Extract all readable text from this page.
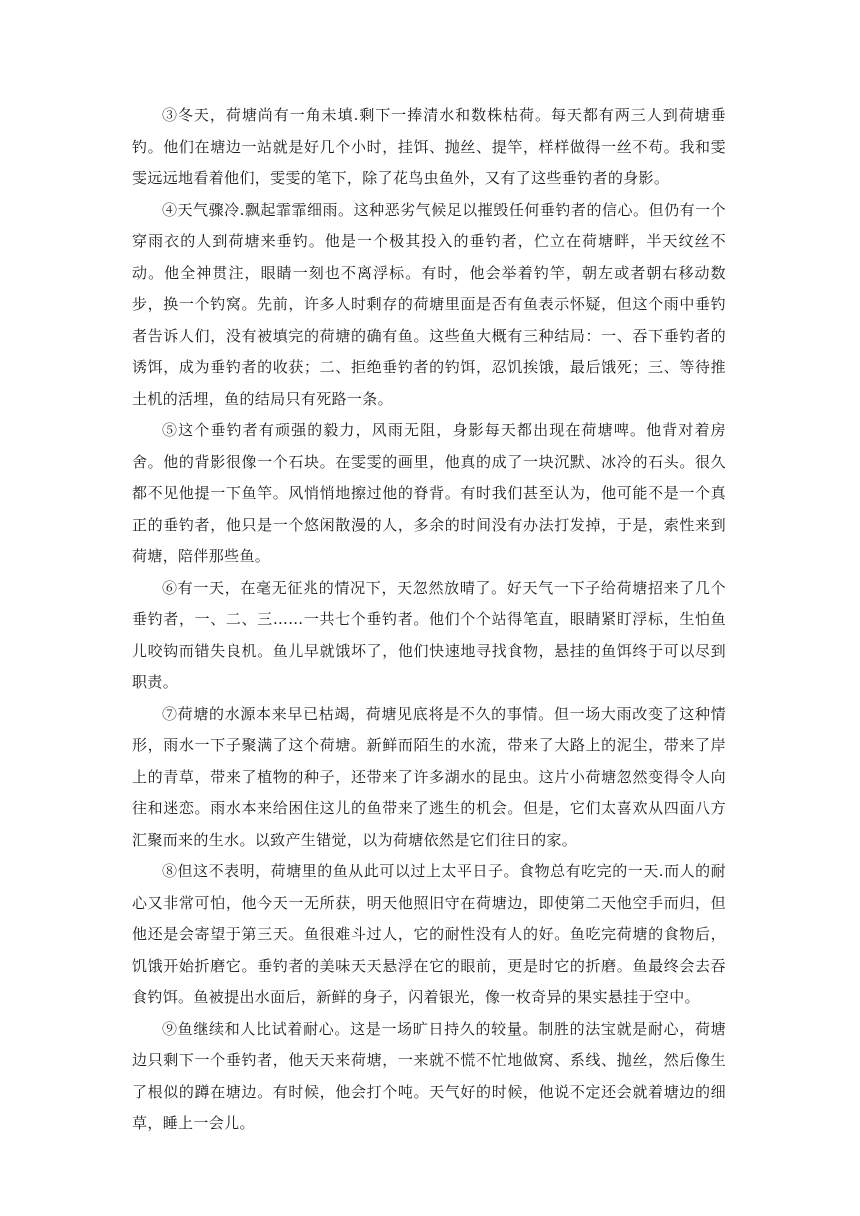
③冬天，荷塘尚有一角未填.剩下一捧清水和数株枯荷。每天都有两三人到荷塘垂钓。他们在塘边一站就是好几个小时，挂饵、抛丝、提竿，样样做得一丝不苟。我和雯雯远远地看着他们，雯雯的笔下，除了花鸟虫鱼外，又有了这些垂钓者的身影。

④天气骤冷.飘起霏霏细雨。这种恶劣气候足以摧毁任何垂钓者的信心。但仍有一个穿雨衣的人到荷塘来垂钓。他是一个极其投入的垂钓者，伫立在荷塘畔，半天纹丝不动。他全神贯注，眼睛一刻也不离浮标。有时，他会举着钓竿，朝左或者朝右移动数步，换一个钓窝。先前，许多人时剩存的荷塘里面是否有鱼表示怀疑，但这个雨中垂钓者告诉人们，没有被填完的荷塘的确有鱼。这些鱼大概有三种结局：一、吞下垂钓者的诱饵，成为垂钓者的收获；二、拒绝垂钓者的钓饵，忍饥挨饿，最后饿死；三、等待推土机的活埋，鱼的结局只有死路一条。

⑤这个垂钓者有顽强的毅力，风雨无阻，身影每天都出现在荷塘啤。他背对着房舍。他的背影很像一个石块。在雯雯的画里，他真的成了一块沉默、冰冷的石头。很久都不见他提一下鱼竿。风悄悄地擦过他的脊背。有时我们甚至认为，他可能不是一个真正的垂钓者，他只是一个悠闲散漫的人，多余的时间没有办法打发掉，于是，索性来到荷塘，陪伴那些鱼。

⑥有一天，在毫无征兆的情况下，天忽然放晴了。好天气一下子给荷塘招来了几个垂钓者，一、二、三……一共七个垂钓者。他们个个站得笔直，眼睛紧盯浮标，生怕鱼儿咬钩而错失良机。鱼儿早就饿坏了，他们快速地寻找食物，悬挂的鱼饵终于可以尽到职责。

⑦荷塘的水源本来早已枯竭，荷塘见底将是不久的事情。但一场大雨改变了这种情形，雨水一下子聚满了这个荷塘。新鲜而陌生的水流，带来了大路上的泥尘，带来了岸上的青草，带来了植物的种子，还带来了许多湖水的昆虫。这片小荷塘忽然变得令人向往和迷恋。雨水本来给困住这儿的鱼带来了逃生的机会。但是，它们太喜欢从四面八方汇聚而来的生水。以致产生错觉，以为荷塘依然是它们往日的家。

⑧但这不表明，荷塘里的鱼从此可以过上太平日子。食物总有吃完的一天.而人的耐心又非常可怕，他今天一无所获，明天他照旧守在荷塘边，即使第二天他空手而归，但他还是会寄望于第三天。鱼很难斗过人，它的耐性没有人的好。鱼吃完荷塘的食物后，饥饿开始折磨它。垂钓者的美味天天悬浮在它的眼前，更是时它的折磨。鱼最终会去吞食钓饵。鱼被提出水面后，新鲜的身子，闪着银光，像一枚奇异的果实悬挂于空中。

⑨鱼继续和人比试着耐心。这是一场旷日持久的较量。制胜的法宝就是耐心，荷塘边只剩下一个垂钓者，他天天来荷塘，一来就不慌不忙地做窝、系线、抛丝，然后像生了根似的蹲在塘边。有时候，他会打个吨。天气好的时候，他说不定还会就着塘边的细草，睡上一会儿。
